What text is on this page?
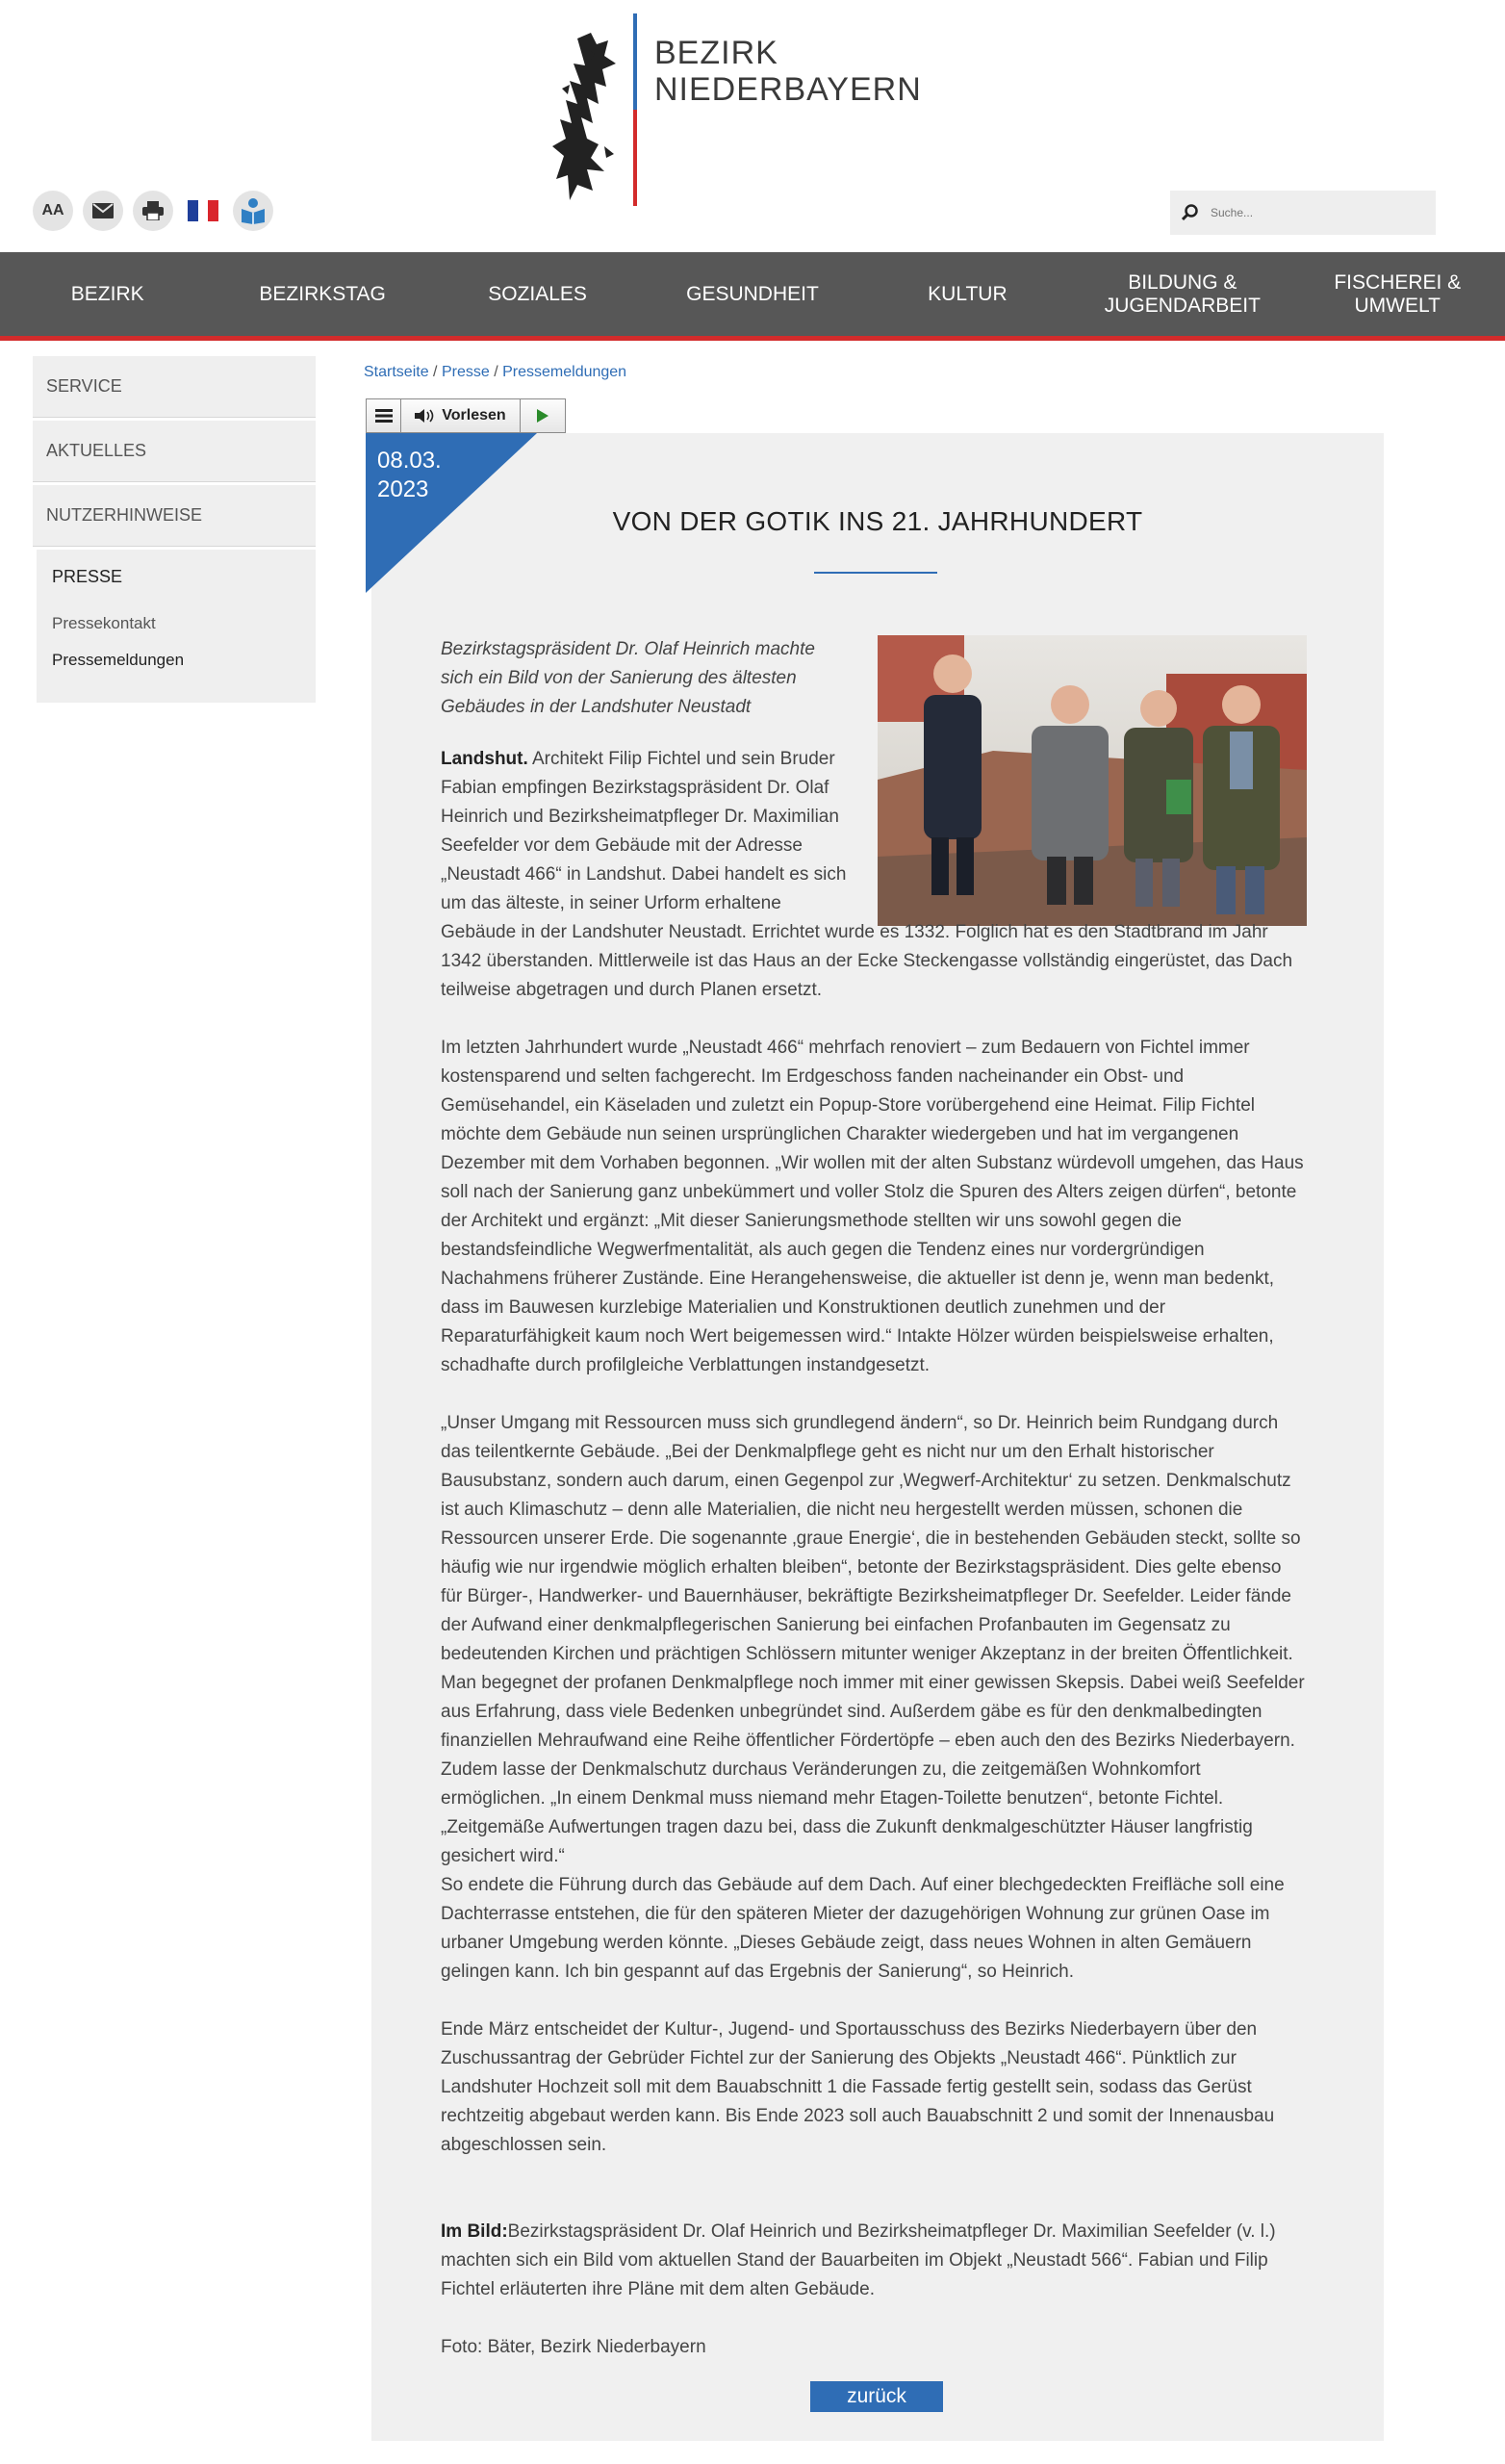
BEZIRK
NIEDERBAYERN
AA
Suche...
BEZIRK	BEZIRKSTAG	SOZIALES	GESUNDHEIT	KULTUR
BILDUNG &
JUGENDARBEIT
FISCHEREI &
UMWELT
SERVICE
AKTUELLES
NUTZERHINWEISE
PRESSE
Pressekontakt
Pressemeldungen
Startseite / Presse / Pressemeldungen
Vorlesen
08.03.
2023
VON DER GOTIK INS 21. JAHRHUNDERT

Bezirkstagspräsident Dr. Olaf Heinrich machte sich ein Bild von der Sanierung des ältesten Gebäudes in der Landshuter Neustadt

Landshut. Architekt Filip Fichtel und sein Bruder Fabian empfingen Bezirkstagspräsident Dr. Olaf Heinrich und Bezirksheimatpfleger Dr. Maximilian Seefelder vor dem Gebäude mit der Adresse „Neustadt 466“ in Landshut. Dabei handelt es sich um das älteste, in seiner Urform erhaltene Gebäude in der Landshuter Neustadt. Errichtet wurde es 1332. Folglich hat es den Stadtbrand im Jahr 1342 überstanden. Mittlerweile ist das Haus an der Ecke Steckengasse vollständig eingerüstet, das Dach teilweise abgetragen und durch Planen ersetzt.

Im letzten Jahrhundert wurde „Neustadt 466“ mehrfach renoviert – zum Bedauern von Fichtel immer kostensparend und selten fachgerecht. Im Erdgeschoss fanden nacheinander ein Obst- und Gemüsehandel, ein Käseladen und zuletzt ein Popup-Store vorübergehend eine Heimat. Filip Fichtel möchte dem Gebäude nun seinen ursprünglichen Charakter wiedergeben und hat im vergangenen Dezember mit dem Vorhaben begonnen. „Wir wollen mit der alten Substanz würdevoll umgehen, das Haus soll nach der Sanierung ganz unbekümmert und voller Stolz die Spuren des Alters zeigen dürfen“, betonte der Architekt und ergänzt: „Mit dieser Sanierungsmethode stellten wir uns sowohl gegen die bestandsfeindliche Wegwerfmentalität, als auch gegen die Tendenz eines nur vordergründigen Nachahmens früherer Zustände. Eine Herangehensweise, die aktueller ist denn je, wenn man bedenkt, dass im Bauwesen kurzlebige Materialien und Konstruktionen deutlich zunehmen und der Reparaturfähigkeit kaum noch Wert beigemessen wird.“ Intakte Hölzer würden beispielsweise erhalten, schadhafte durch profilgleiche Verblattungen instandgesetzt.

„Unser Umgang mit Ressourcen muss sich grundlegend ändern“, so Dr. Heinrich beim Rundgang durch das teilentkernte Gebäude. „Bei der Denkmalpflege geht es nicht nur um den Erhalt historischer Bausubstanz, sondern auch darum, einen Gegenpol zur ‚Wegwerf-Architektur‘ zu setzen. Denkmalschutz ist auch Klimaschutz – denn alle Materialien, die nicht neu hergestellt werden müssen, schonen die Ressourcen unserer Erde. Die sogenannte ‚graue Energie‘, die in bestehenden Gebäuden steckt, sollte so häufig wie nur irgendwie möglich erhalten bleiben“, betonte der Bezirkstagspräsident. Dies gelte ebenso für Bürger-, Handwerker- und Bauernhäuser, bekräftigte Bezirksheimatpfleger Dr. Seefelder. Leider fände der Aufwand einer denkmalpflegerischen Sanierung bei einfachen Profanbauten im Gegensatz zu bedeutenden Kirchen und prächtigen Schlössern mitunter weniger Akzeptanz in der breiten Öffentlichkeit. Man begegnet der profanen Denkmalpflege noch immer mit einer gewissen Skepsis. Dabei weiß Seefelder aus Erfahrung, dass viele Bedenken unbegründet sind. Außerdem gäbe es für den denkmalbedingten finanziellen Mehraufwand eine Reihe öffentlicher Fördertöpfe – eben auch den des Bezirks Niederbayern. Zudem lasse der Denkmalschutz durchaus Veränderungen zu, die zeitgemäßen Wohnkomfort ermöglichen. „In einem Denkmal muss niemand mehr Etagen-Toilette benutzen“, betonte Fichtel. „Zeitgemäße Aufwertungen tragen dazu bei, dass die Zukunft denkmalgeschützter Häuser langfristig gesichert wird.“

So endete die Führung durch das Gebäude auf dem Dach. Auf einer blechgedeckten Freifläche soll eine Dachterrasse entstehen, die für den späteren Mieter der dazugehörigen Wohnung zur grünen Oase im urbaner Umgebung werden könnte. „Dieses Gebäude zeigt, dass neues Wohnen in alten Gemäuern gelingen kann. Ich bin gespannt auf das Ergebnis der Sanierung“, so Heinrich.

Ende März entscheidet der Kultur-, Jugend- und Sportausschuss des Bezirks Niederbayern über den Zuschussantrag der Gebrüder Fichtel zur der Sanierung des Objekts „Neustadt 466“. Pünktlich zur Landshuter Hochzeit soll mit dem Bauabschnitt 1 die Fassade fertig gestellt sein, sodass das Gerüst rechtzeitig abgebaut werden kann. Bis Ende 2023 soll auch Bauabschnitt 2 und somit der Innenausbau abgeschlossen sein.

Im Bild:Bezirkstagspräsident Dr. Olaf Heinrich und Bezirksheimatpfleger Dr. Maximilian Seefelder (v. l.) machten sich ein Bild vom aktuellen Stand der Bauarbeiten im Objekt „Neustadt 566“. Fabian und Filip Fichtel erläuterten ihre Pläne mit dem alten Gebäude.

Foto: Bäter, Bezirk Niederbayern

zurück
